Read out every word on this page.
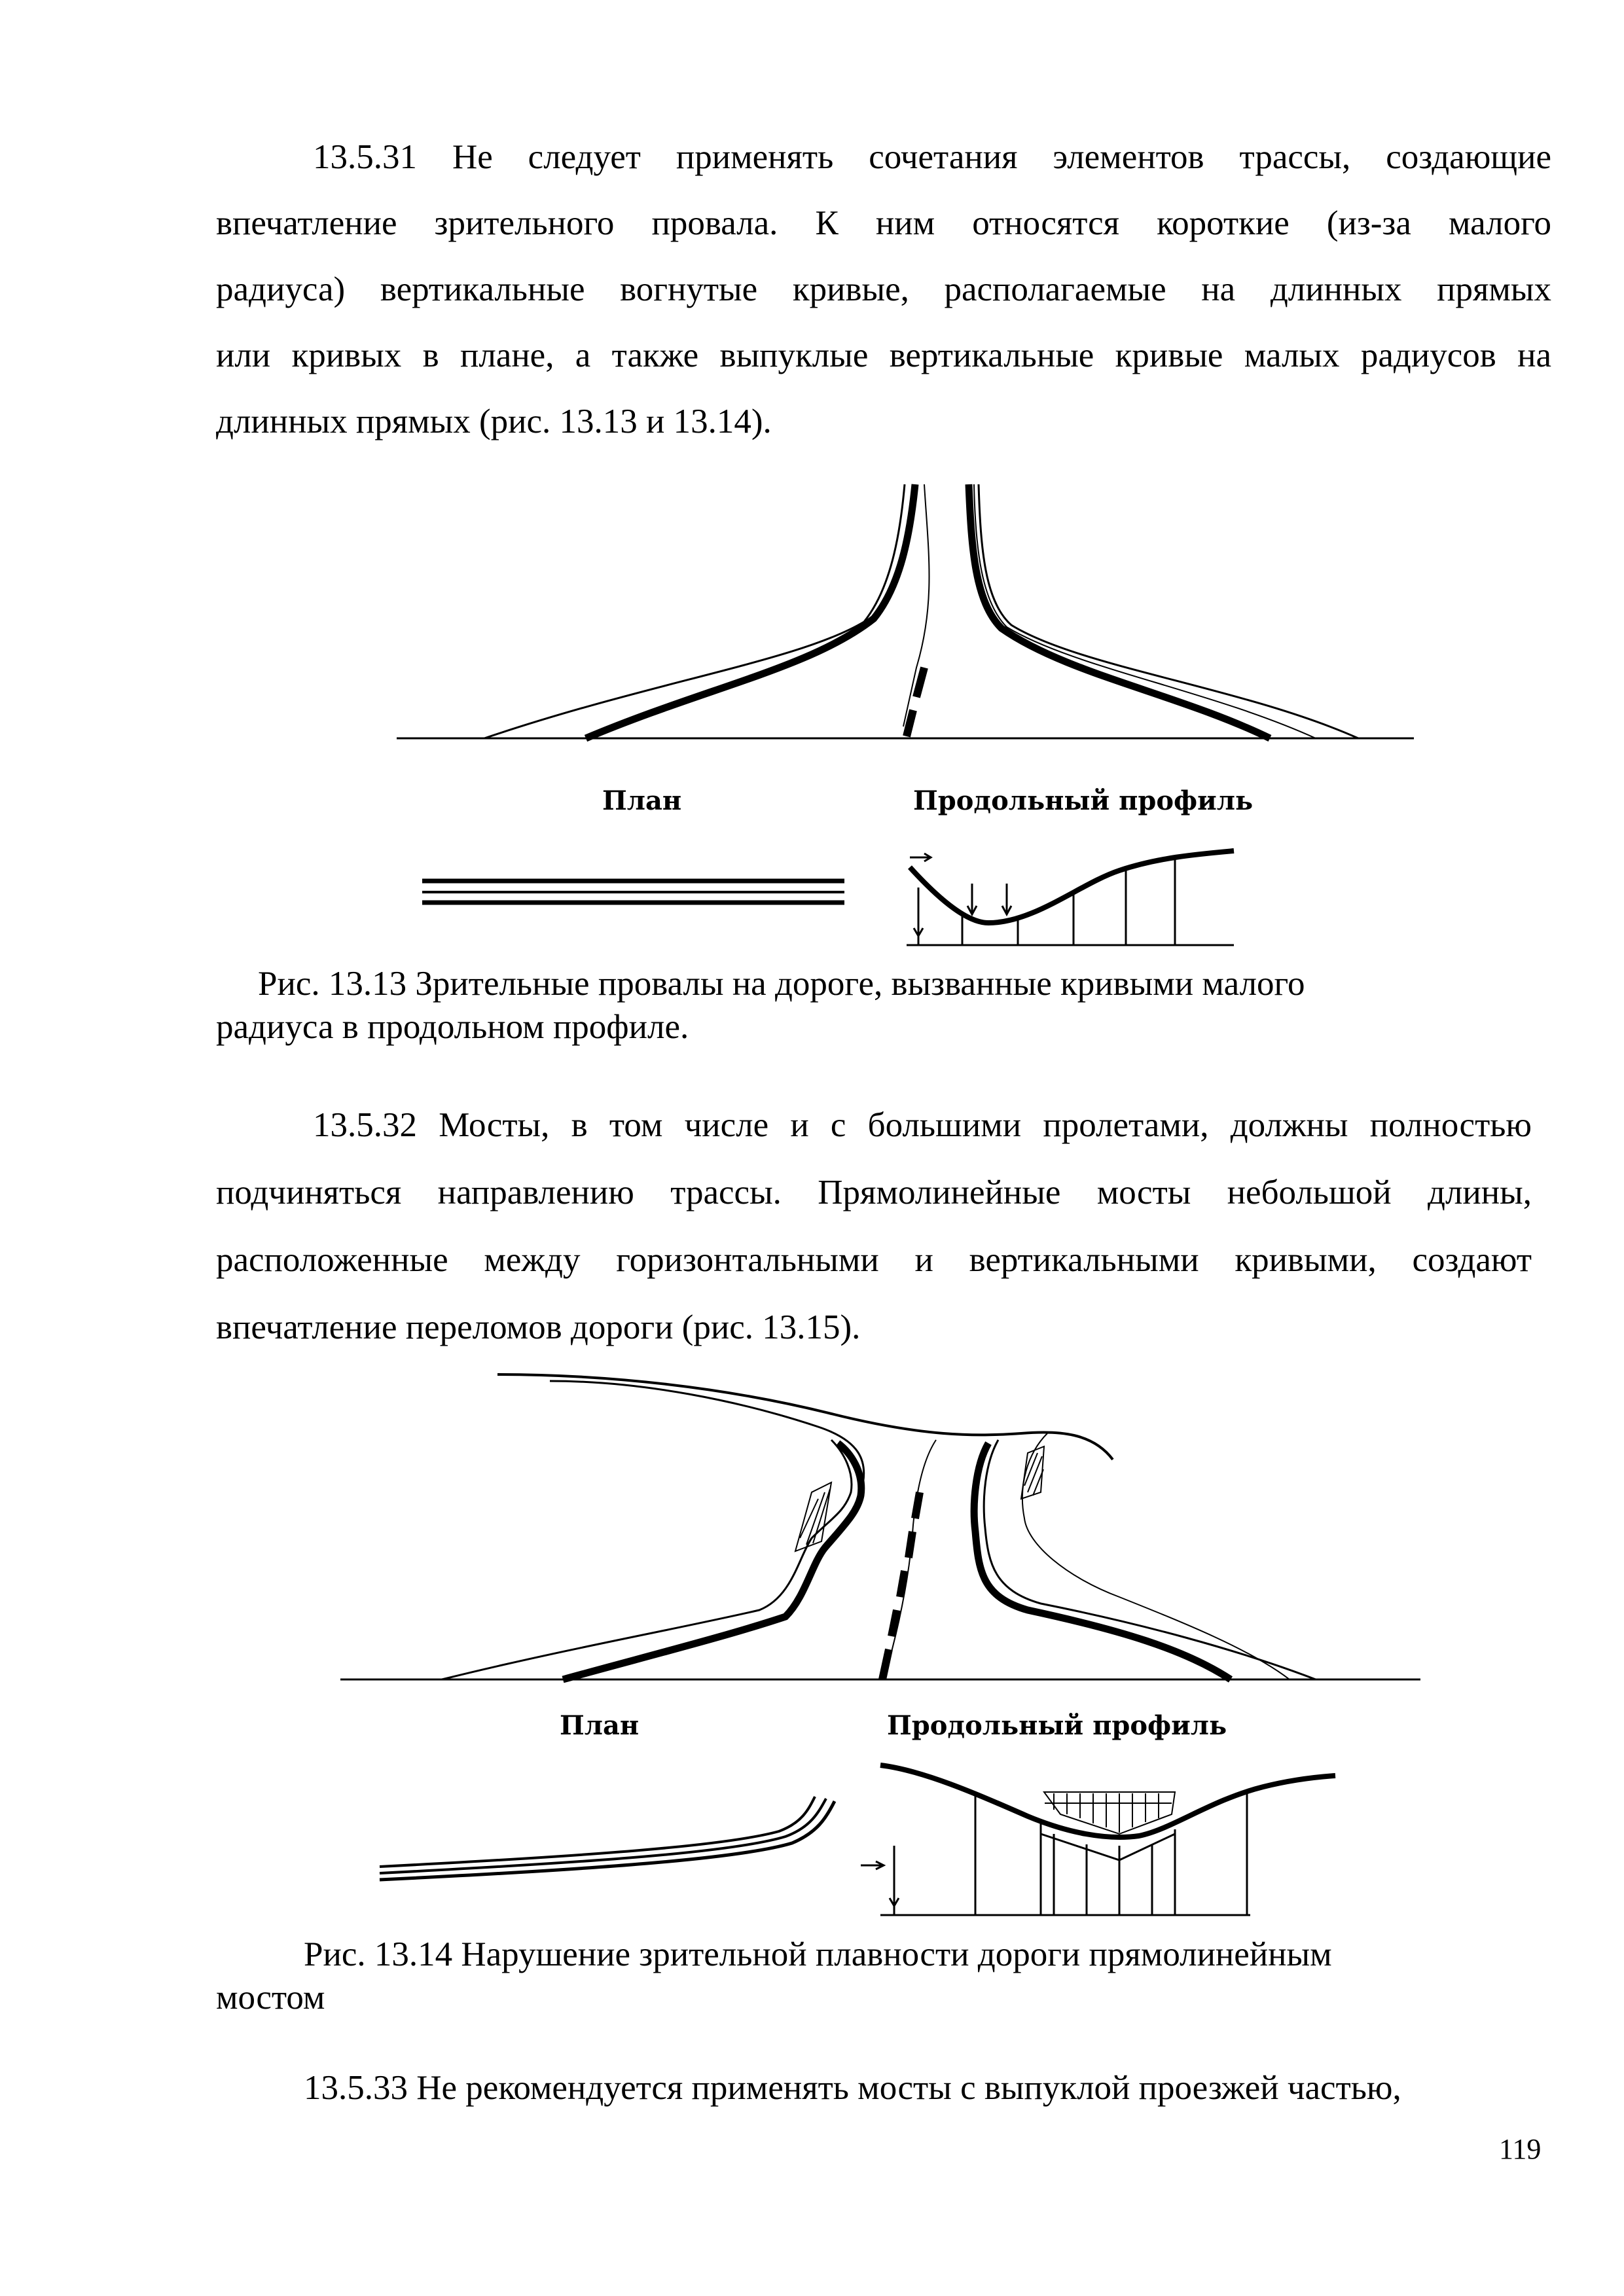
13.5.31 Не следует применять сочетания элементов трассы, создающие
впечатление зрительного провала. К ним относятся короткие (из-за малого
радиуса) вертикальные вогнутые кривые, располагаемые на длинных прямых
или кривых в плане, а также выпуклые вертикальные кривые малых радиусов на
длинных прямых (рис. 13.13 и 13.14).
План	Продольный профиль
Рис. 13.13 Зрительные провалы на дороге, вызванные кривыми малого
радиуса в продольном профиле.
13.5.32 Мосты, в том числе и с большими пролетами, должны полностью
подчиняться направлению трассы. Прямолинейные мосты небольшой длины,
расположенные между горизонтальными и вертикальными кривыми, создают
впечатление переломов дороги (рис. 13.15).
План	Продольный профиль
Рис. 13.14 Нарушение зрительной плавности дороги прямолинейным
мостом
13.5.33 Не рекомендуется применять мосты с выпуклой проезжей частью,
119
